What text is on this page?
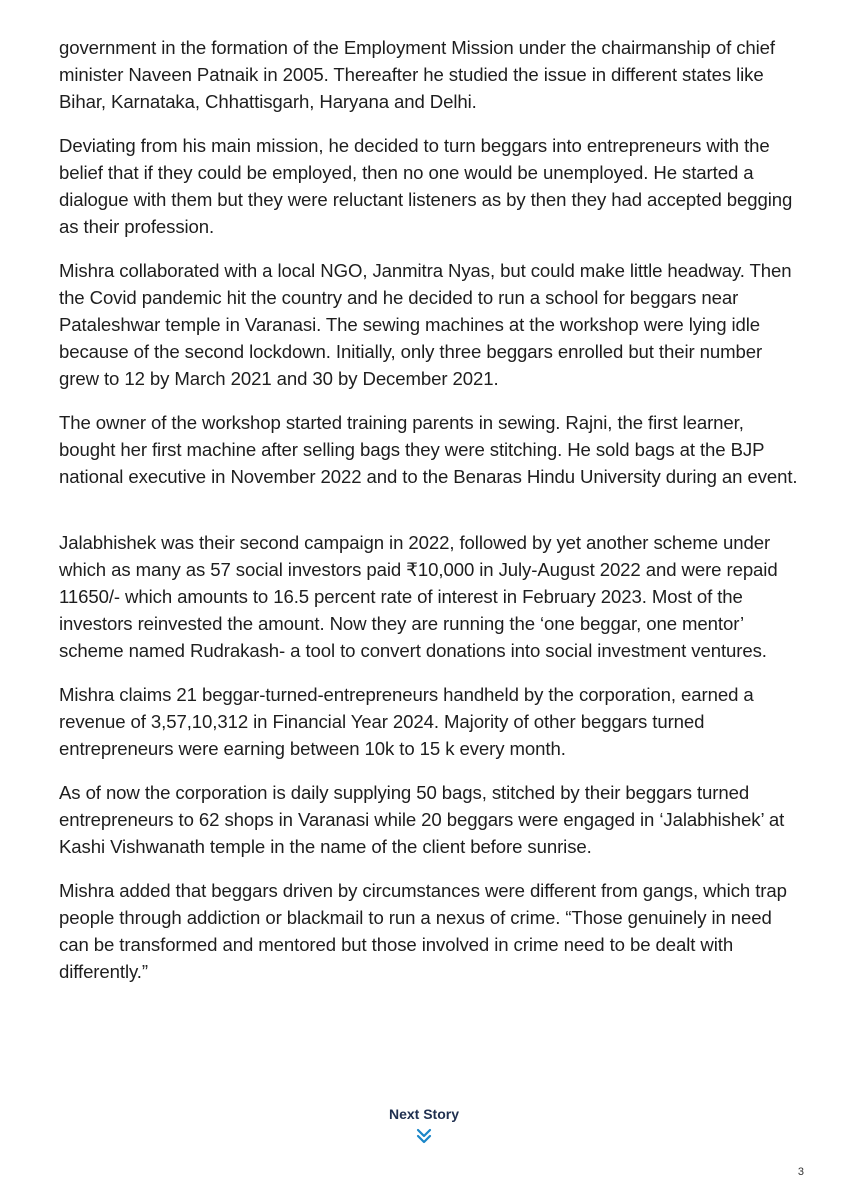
government in the formation of the Employment Mission under the chairmanship of chief minister Naveen Patnaik in 2005. Thereafter he studied the issue in different states like Bihar, Karnataka, Chhattisgarh, Haryana and Delhi.

Deviating from his main mission, he decided to turn beggars into entrepreneurs with the belief that if they could be employed, then no one would be unemployed. He started a dialogue with them but they were reluctant listeners as by then they had accepted begging as their profession.

Mishra collaborated with a local NGO, Janmitra Nyas, but could make little headway. Then the Covid pandemic hit the country and he decided to run a school for beggars near Pataleshwar temple in Varanasi. The sewing machines at the workshop were lying idle because of the second lockdown. Initially, only three beggars enrolled but their number grew to 12 by March 2021 and 30 by December 2021.

The owner of the workshop started training parents in sewing. Rajni, the first learner, bought her first machine after selling bags they were stitching. He sold bags at the BJP national executive in November 2022 and to the Benaras Hindu University during an event.

Jalabhishek was their second campaign in 2022, followed by yet another scheme under which as many as 57 social investors paid ₹10,000 in July-August 2022 and were repaid 11650/- which amounts to 16.5 percent rate of interest in February 2023. Most of the investors reinvested the amount. Now they are running the ‘one beggar, one mentor’ scheme named Rudrakash- a tool to convert donations into social investment ventures.

Mishra claims 21 beggar-turned-entrepreneurs handheld by the corporation, earned a revenue of 3,57,10,312 in Financial Year 2024. Majority of other beggars turned entrepreneurs were earning between 10k to 15 k every month.

As of now the corporation is daily supplying 50 bags, stitched by their beggars turned entrepreneurs to 62 shops in Varanasi while 20 beggars were engaged in ‘Jalabhishek’ at Kashi Vishwanath temple in the name of the client before sunrise.

Mishra added that beggars driven by circumstances were different from gangs, which trap people through addiction or blackmail to run a nexus of crime. “Those genuinely in need can be transformed and mentored but those involved in crime need to be dealt with differently.”

Next Story
3
